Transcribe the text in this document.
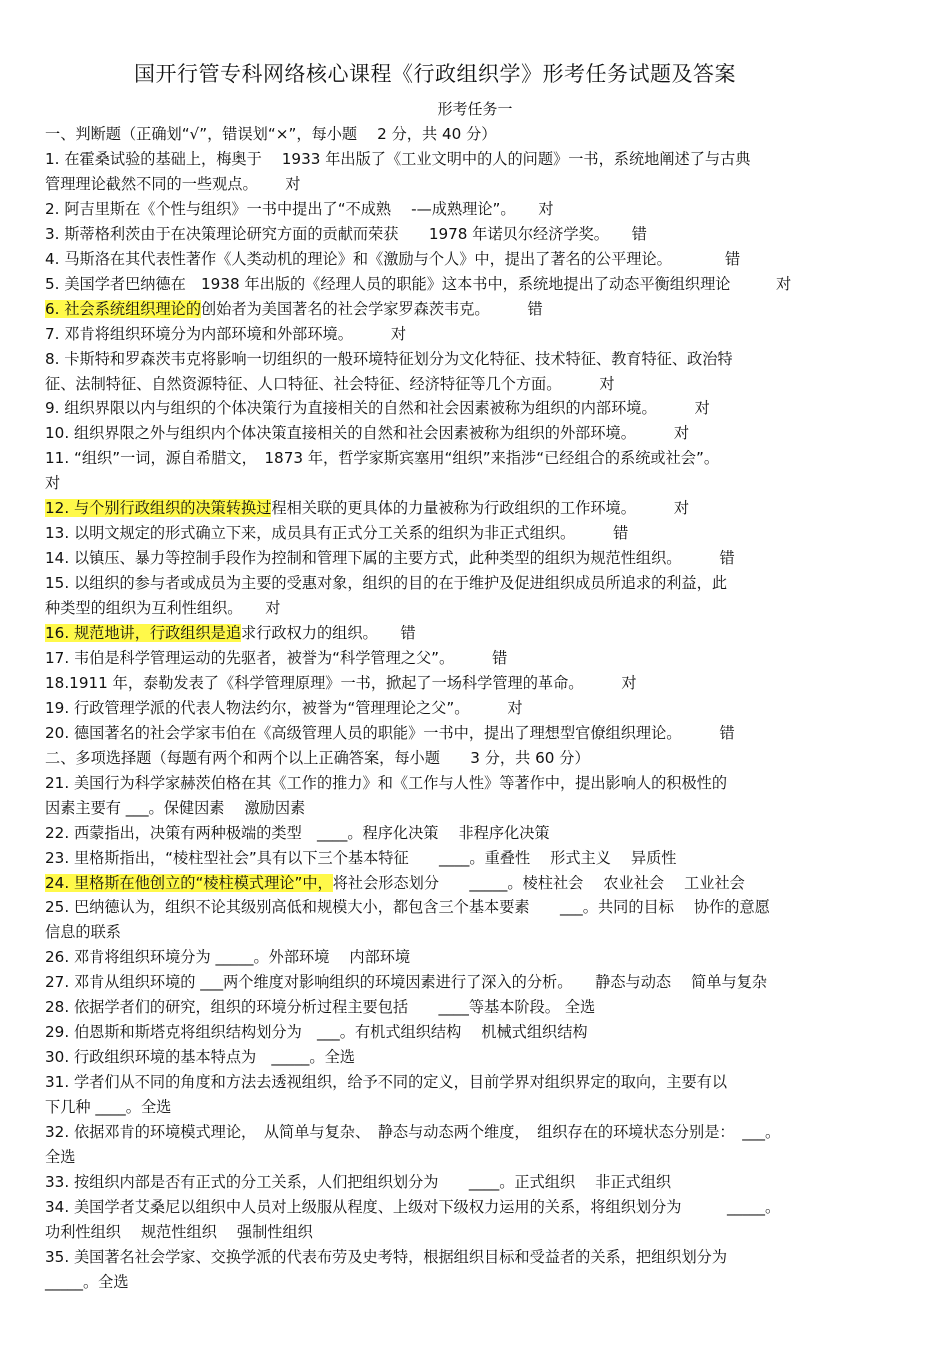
国开行管专科网络核心课程《行政组织学》形考任务试题及答案
形考任务一
一、判断题（正确划“√”，错误划“×”，每小题　 2 分，共 40 分）
1. 在霍桑试验的基础上，梅奥于　 1933 年出版了《工业文明中的人的问题》一书，系统地阐述了与古典
管理理论截然不同的一些观点。　　 对
2. 阿吉里斯在《个性与组织》一书中提出了“不成熟　 -—成熟理论”。　　对
3. 斯蒂格利茨由于在决策理论研究方面的贡献而荣获　　1978 年诺贝尔经济学奖。　　错
4. 马斯洛在其代表性著作《人类动机的理论》和《激励与个人》中，提出了著名的公平理论。　　　　错
5. 美国学者巴纳德在　1938 年出版的《经理人员的职能》这本书中，系统地提出了动态平衡组织理论　　　对
6. 社会系统组织理论的创始者为美国著名的社会学家罗森茨韦克。　　　错
7. 邓肯将组织环境分为内部环境和外部环境。　　　对
8. 卡斯特和罗森茨韦克将影响一切组织的一般环境特征划分为文化特征、技术特征、教育特征、政治特
征、法制特征、自然资源特征、人口特征、社会特征、经济特征等几个方面。　　　对
9. 组织界限以内与组织的个体决策行为直接相关的自然和社会因素被称为组织的内部环境。　　　对
10. 组织界限之外与组织内个体决策直接相关的自然和社会因素被称为组织的外部环境。　　　对
11. “组织”一词，源自希腊文，　1873 年，哲学家斯宾塞用“组织”来指涉“已经组合的系统或社会”。
对
12. 与个别行政组织的决策转换过程相关联的更具体的力量被称为行政组织的工作环境。　　　对
13. 以明文规定的形式确立下来，成员具有正式分工关系的组织为非正式组织。　　　错
14. 以镇压、暴力等控制手段作为控制和管理下属的主要方式，此种类型的组织为规范性组织。　　　错
15. 以组织的参与者或成员为主要的受惠对象，组织的目的在于维护及促进组织成员所追求的利益，此
种类型的组织为互利性组织。　　对
16. 规范地讲，行政组织是追求行政权力的组织。　　错
17. 韦伯是科学管理运动的先驱者，被誉为“科学管理之父”。　　　错
18.1911 年，泰勒发表了《科学管理原理》一书，掀起了一场科学管理的革命。　　　对
19. 行政管理学派的代表人物法约尔，被誉为“管理理论之父”。　　　对
20. 德国著名的社会学家韦伯在《高级管理人员的职能》一书中，提出了理想型官僚组织理论。　　　错
二、多项选择题（每题有两个和两个以上正确答案，每小题　　3 分，共 60 分）
21. 美国行为科学家赫茨伯格在其《工作的推力》和《工作与人性》等著作中，提出影响人的积极性的
因素主要有 ___。保健因素　 激励因素
22. 西蒙指出，决策有两种极端的类型　____。程序化决策　 非程序化决策
23. 里格斯指出，“棱柱型社会”具有以下三个基本特征　　____。重叠性　 形式主义　 异质性
24. 里格斯在他创立的“棱柱模式理论”中，将社会形态划分　　_____。棱柱社会　 农业社会　 工业社会
25. 巴纳德认为，组织不论其级别高低和规模大小，都包含三个基本要素　　___。共同的目标　 协作的意愿
信息的联系
26. 邓肯将组织环境分为 _____。外部环境　 内部环境
27. 邓肯从组织环境的 ___两个维度对影响组织的环境因素进行了深入的分析。　　静态与动态　 简单与复杂
28. 依据学者们的研究，组织的环境分析过程主要包括　　____等基本阶段。 全选
29. 伯恩斯和斯塔克将组织结构划分为　___。有机式组织结构　 机械式组织结构
30. 行政组织环境的基本特点为　_____。全选
31. 学者们从不同的角度和方法去透视组织，给予不同的定义，目前学界对组织界定的取向，主要有以
下几种 ____。全选
32. 依据邓肯的环境模式理论，　从简单与复杂、　静态与动态两个维度，　组织存在的环境状态分别是：　___。
全选
33. 按组织内部是否有正式的分工关系，人们把组织划分为　　____。正式组织　 非正式组织
34. 美国学者艾桑尼以组织中人员对上级服从程度、上级对下级权力运用的关系，将组织划分为　　　_____。
功利性组织　 规范性组织　 强制性组织
35. 美国著名社会学家、交换学派的代表布劳及史考特，根据组织目标和受益者的关系，把组织划分为
_____。全选
